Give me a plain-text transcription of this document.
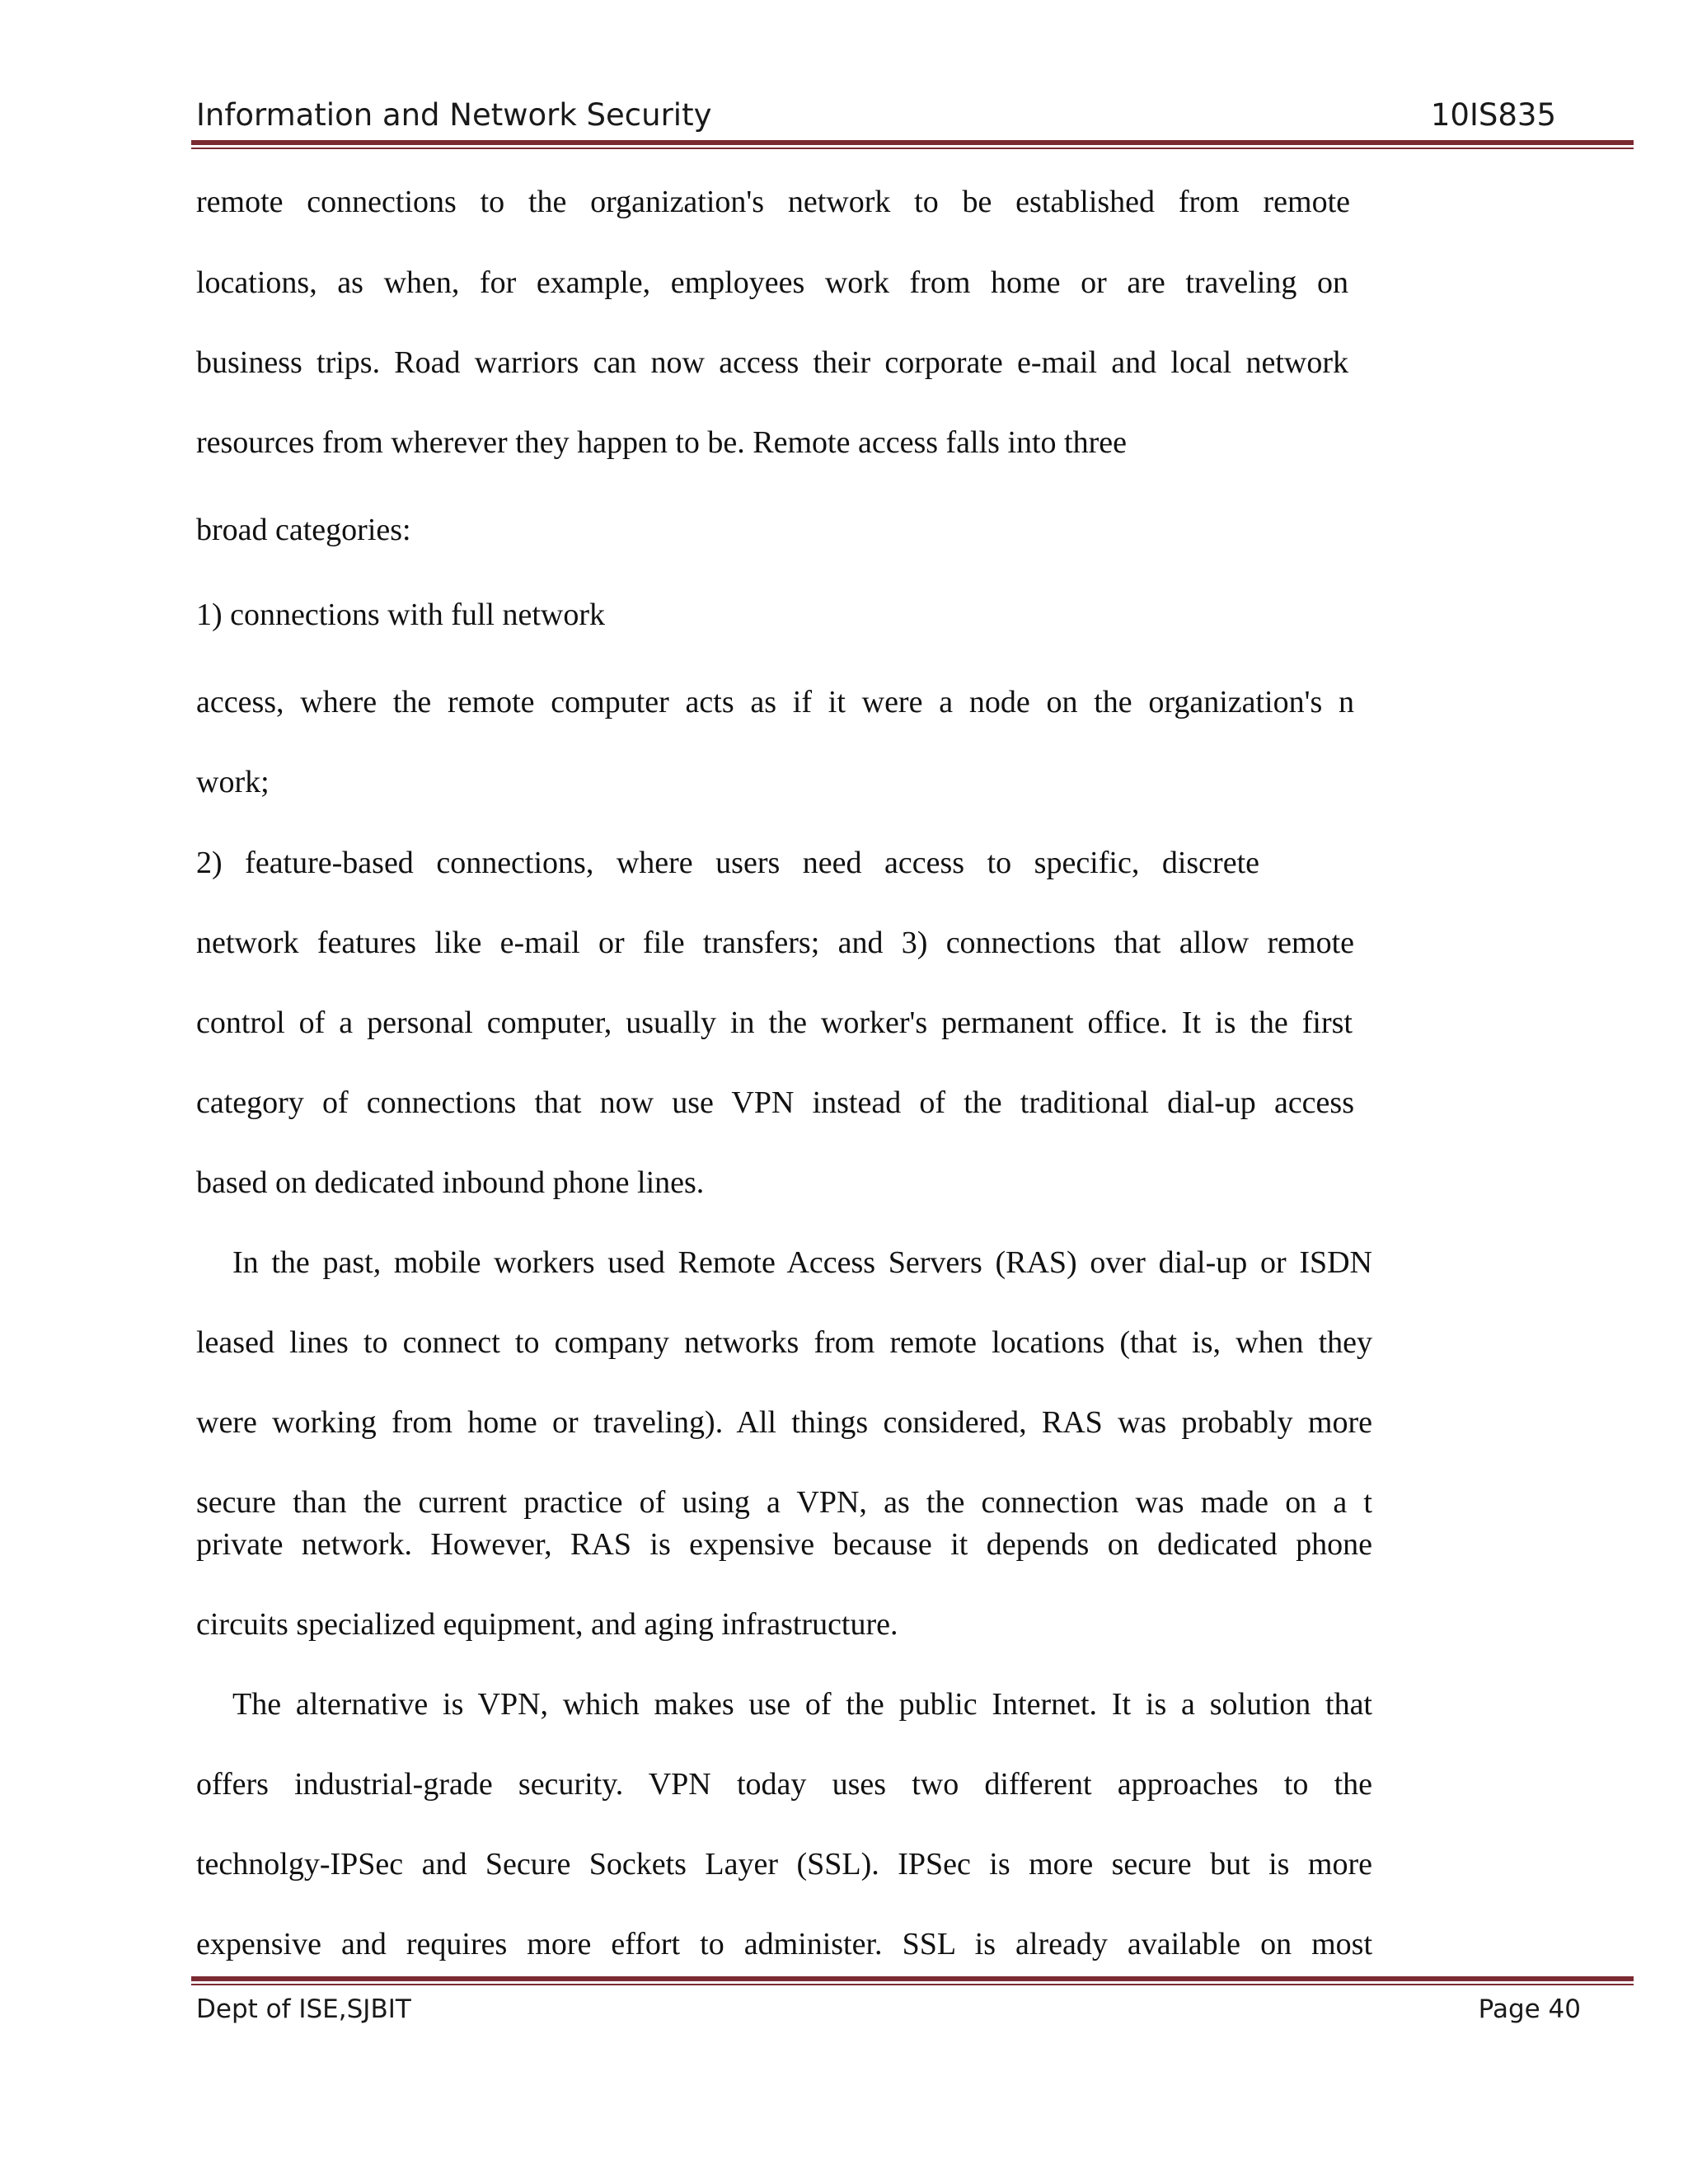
Information and Network Security	10IS835
remote connections to the organization's network to be established from remote
locations, as when, for example, employees work from home or are traveling on
business trips. Road warriors can now access their corporate e-mail and local network
resources from wherever they happen to be. Remote access falls into three
broad categories:
1) connections with full network
access, where the remote computer acts as if it were a node on the organization's n
work;
2) feature-based connections, where users need access to specific, discrete
network features like e-mail or file transfers; and 3) connections that allow remote
control of a personal computer, usually in the worker's permanent office. It is the first
category of connections that now use VPN instead of the traditional dial-up access
based on dedicated inbound phone lines.
In the past, mobile workers used Remote Access Servers (RAS) over dial-up or ISDN
leased lines to connect to company networks from remote locations (that is, when they
were working from home or traveling). All things considered, RAS was probably more
secure than the current practice of using a VPN, as the connection was made on a t
private network. However, RAS is expensive because it depends on dedicated phone
circuits specialized equipment, and aging infrastructure.
The alternative is VPN, which makes use of the public Internet. It is a solution that
offers industrial-grade security. VPN today uses two different approaches to the
technolgy-IPSec and Secure Sockets Layer (SSL). IPSec is more secure but is more
expensive and requires more effort to administer. SSL is already available on most
Dept of ISE,SJBIT	Page 40
